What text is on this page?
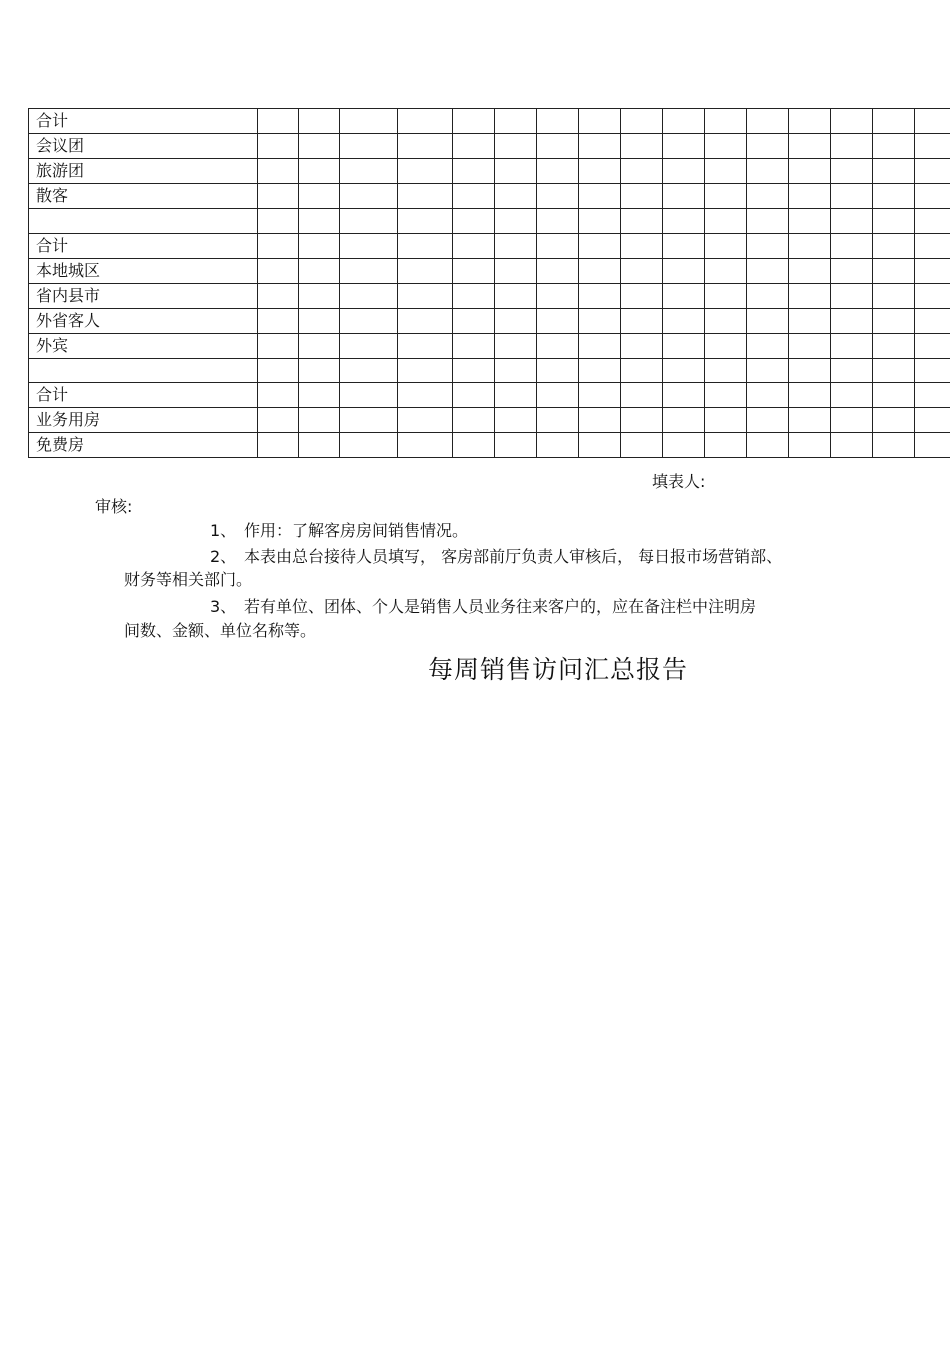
合计																
会议团																
旅游团																
散客																

合计																
本地城区																
省内县市																
外省客人																
外宾																

合计																
业务用房																
免费房																
填表人:
审核:
1、 作用：了解客房房间销售情况。
2、 本表由总台接待人员填写， 客房部前厅负责人审核后， 每日报市场营销部、
财务等相关部门。
3、 若有单位、团体、个人是销售人员业务往来客户的，应在备注栏中注明房
间数、金额、单位名称等。
每周销售访问汇总报告
